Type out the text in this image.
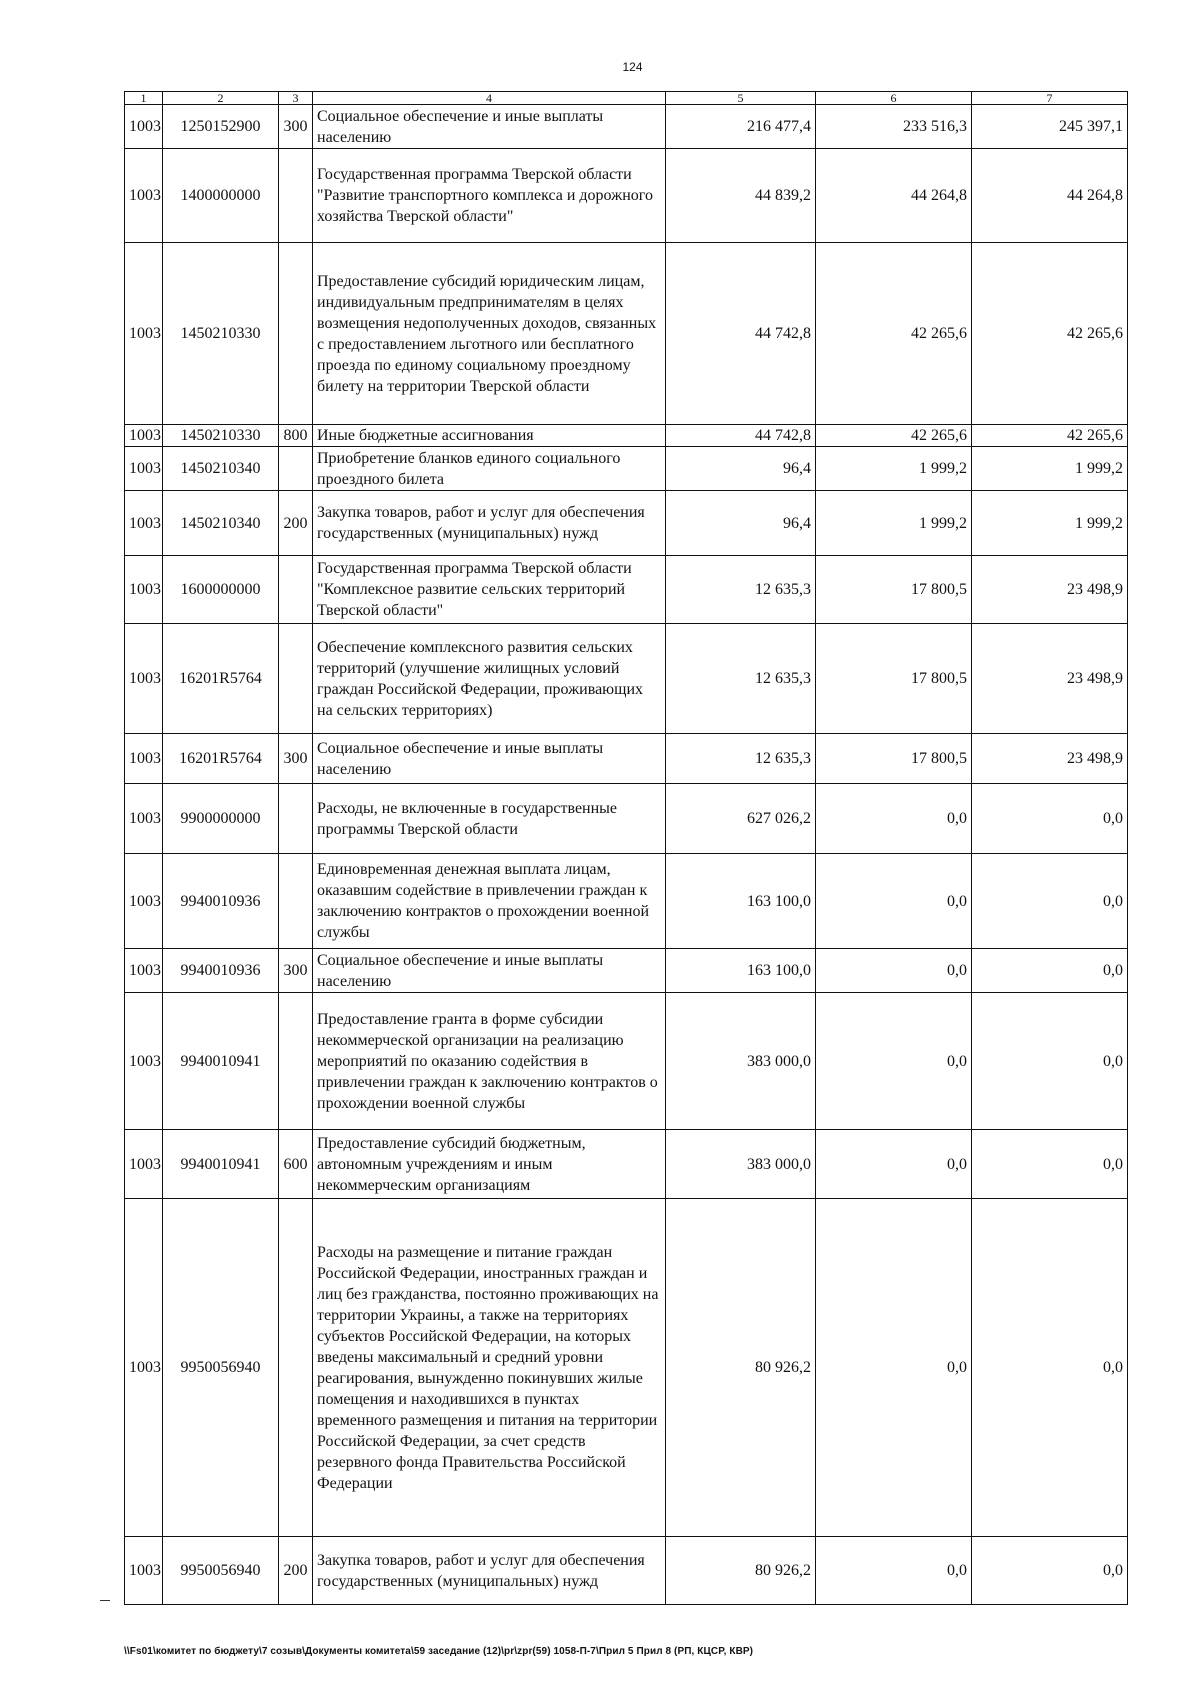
124
1	2	3	4	5	6	7
1003	1250152900	300	Социальное обеспечение и иные выплаты населению	216 477,4	233 516,3	245 397,1
1003	1400000000		Государственная программа Тверской области "Развитие транспортного комплекса и дорожного хозяйства Тверской области"	44 839,2	44 264,8	44 264,8
1003	1450210330		Предоставление субсидий юридическим лицам, индивидуальным предпринимателям в целях возмещения недополученных доходов, связанных с предоставлением льготного или бесплатного проезда по единому социальному проездному билету на территории Тверской области	44 742,8	42 265,6	42 265,6
1003	1450210330	800	Иные бюджетные ассигнования	44 742,8	42 265,6	42 265,6
1003	1450210340		Приобретение бланков единого социального проездного билета	96,4	1 999,2	1 999,2
1003	1450210340	200	Закупка товаров, работ и услуг для обеспечения государственных (муниципальных) нужд	96,4	1 999,2	1 999,2
1003	1600000000		Государственная программа Тверской области "Комплексное развитие сельских территорий Тверской области"	12 635,3	17 800,5	23 498,9
1003	16201R5764		Обеспечение комплексного развития сельских территорий (улучшение жилищных условий граждан Российской Федерации, проживающих на сельских территориях)	12 635,3	17 800,5	23 498,9
1003	16201R5764	300	Социальное обеспечение и иные выплаты населению	12 635,3	17 800,5	23 498,9
1003	9900000000		Расходы, не включенные в государственные программы Тверской области	627 026,2	0,0	0,0
1003	9940010936		Единовременная денежная выплата лицам, оказавшим содействие в привлечении граждан к заключению контрактов о прохождении военной службы	163 100,0	0,0	0,0
1003	9940010936	300	Социальное обеспечение и иные выплаты населению	163 100,0	0,0	0,0
1003	9940010941		Предоставление гранта в форме субсидии некоммерческой организации на реализацию мероприятий по оказанию содействия в привлечении граждан к заключению контрактов о прохождении военной службы	383 000,0	0,0	0,0
1003	9940010941	600	Предоставление субсидий бюджетным, автономным учреждениям и иным некоммерческим организациям	383 000,0	0,0	0,0
1003	9950056940		Расходы на размещение и питание граждан Российской Федерации, иностранных граждан и лиц без гражданства, постоянно проживающих на территории Украины, а также на территориях субъектов Российской Федерации, на которых введены максимальный и средний уровни реагирования, вынужденно покинувших жилые помещения и находившихся в пунктах временного размещения и питания на территории Российской Федерации, за счет средств резервного фонда Правительства Российской Федерации	80 926,2	0,0	0,0
1003	9950056940	200	Закупка товаров, работ и услуг для обеспечения государственных (муниципальных) нужд	80 926,2	0,0	0,0
\\Fs01\комитет по бюджету\7 созыв\Документы комитета\59 заседание (12)\pr\zpr(59) 1058-П-7\Прил 5 Прил 8 (РП, КЦСР, КВР)
